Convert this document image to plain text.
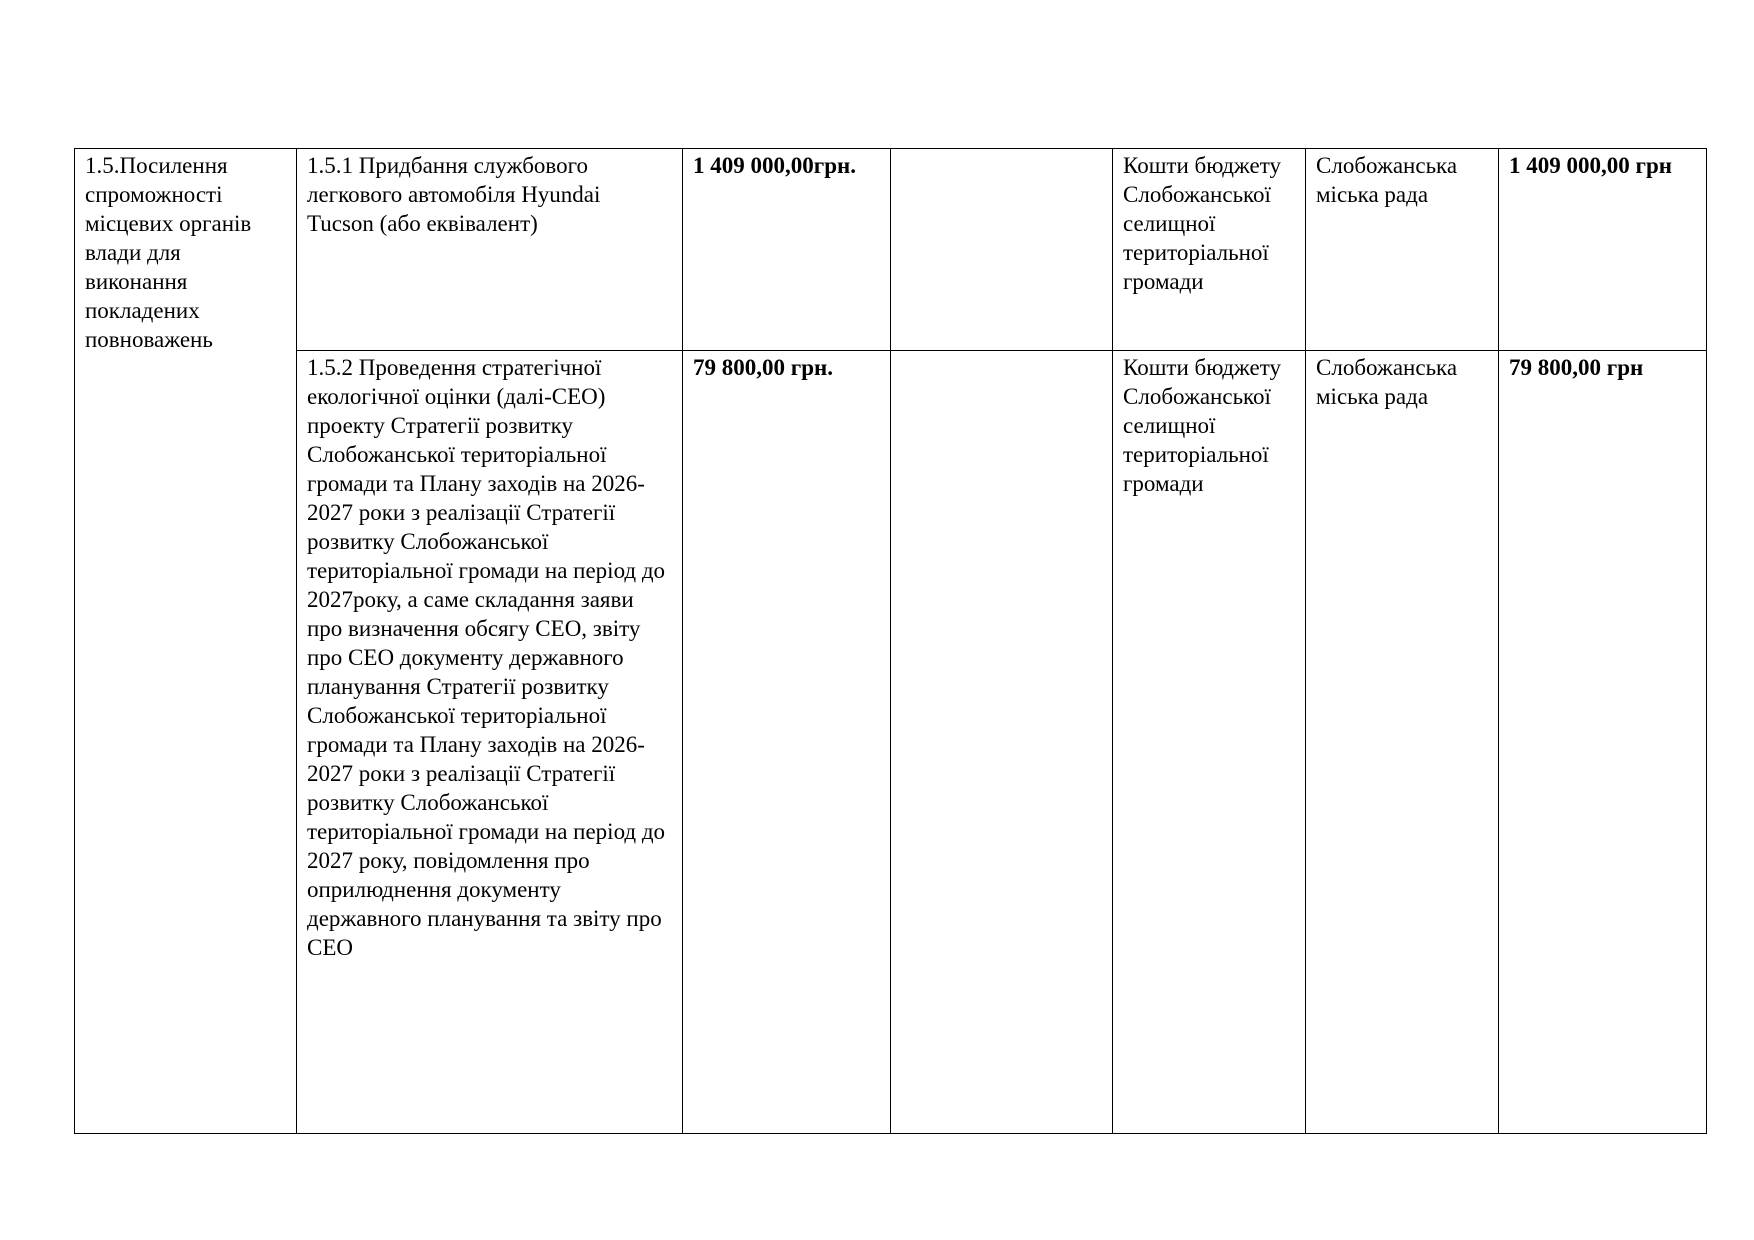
1.5.Посилення спроможності місцевих органів влади для виконання покладених повноважень	1.5.1 Придбання службового легкового автомобіля Hyundai Tucson (або еквівалент)	1 409 000,00грн.		Кошти бюджету Слобожанської селищної територіальної громади	Слобожанська міська рада	1 409 000,00 грн

	1.5.2 Проведення стратегічної екологічної оцінки (далі-СЕО) проекту Стратегії розвитку Слобожанської територіальної громади та Плану заходів на 2026-2027 роки з реалізації Стратегії розвитку Слобожанської територіальної громади на період до 2027року, а саме складання заяви про визначення обсягу СЕО, звіту про СЕО документу державного планування Стратегії розвитку Слобожанської територіальної громади та Плану заходів на 2026-2027 роки з реалізації Стратегії розвитку Слобожанської територіальної громади на період до 2027 року, повідомлення про оприлюднення документу державного планування та звіту про СЕО	79 800,00 грн.		Кошти бюджету Слобожанської селищної територіальної громади	Слобожанська міська рада	79 800,00 грн
